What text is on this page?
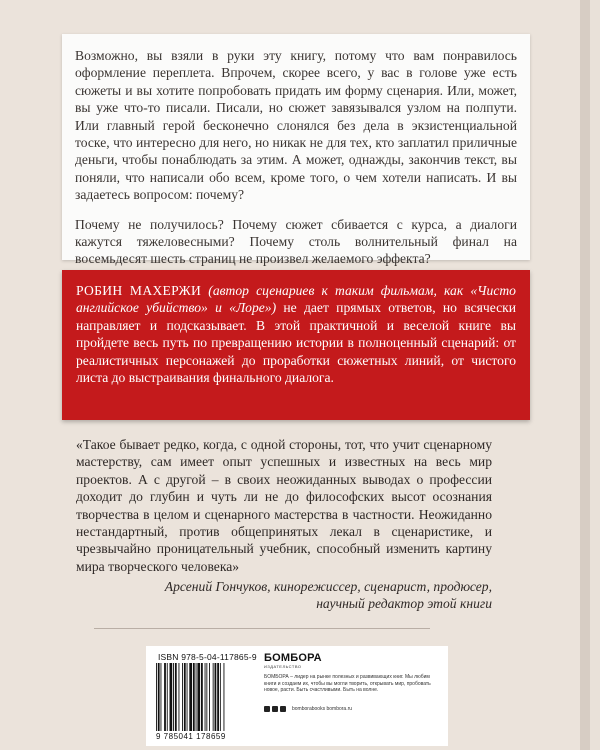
Возможно, вы взяли в руки эту книгу, потому что вам понравилось оформление переплета. Впрочем, скорее всего, у вас в голове уже есть сюжеты и вы хотите попробовать придать им форму сценария. Или, может, вы уже что-то писали. Писали, но сюжет завязывался узлом на полпути. Или главный герой бесконечно слонялся без дела в экзистенциальной тоске, что интересно для него, но никак не для тех, кто заплатил приличные деньги, чтобы понаблюдать за этим. А может, однажды, закончив текст, вы поняли, что написали обо всем, кроме того, о чем хотели написать. И вы задаетесь вопросом: почему?

Почему не получилось? Почему сюжет сбивается с курса, а диалоги кажутся тяжеловесными? Почему столь волнительный финал на восемьдесят шесть страниц не произвел желаемого эффекта?

РОБИН МАХЕРЖИ (автор сценариев к таким фильмам, как «Чисто английское убийство» и «Лоре») не дает прямых ответов, но всячески направляет и подсказывает. В этой практичной и веселой книге вы пройдете весь путь по превращению истории в полноценный сценарий: от реалистичных персонажей до проработки сюжетных линий, от чистого листа до выстраивания финального диалога.

«Такое бывает редко, когда, с одной стороны, тот, что учит сценарному мастерству, сам имеет опыт успешных и известных на весь мир проектов. А с другой – в своих неожиданных выводах о профессии доходит до глубин и чуть ли не до философских высот осознания творчества в целом и сценарного мастерства в частности. Неожиданно нестандартный, против общепринятых лекал в сценаристике, и чрезвычайно проницательный учебник, способный изменить картину мира творческого человека»

Арсений Гончуков, кинорежиссер, сценарист, продюсер,
научный редактор этой книги
ISBN 978-5-04-117865-9
9 785041 178659
БОМБОРА
ИЗДАТЕЛЬСТВО
БОМБОРА – лидер на рынке полезных и развивающих книг. Мы любим книги и создаем их, чтобы вы могли творить, открывать мир, пробовать новое, расти. Быть счастливыми. Быть на волне.
bomborabooks bombora.ru
